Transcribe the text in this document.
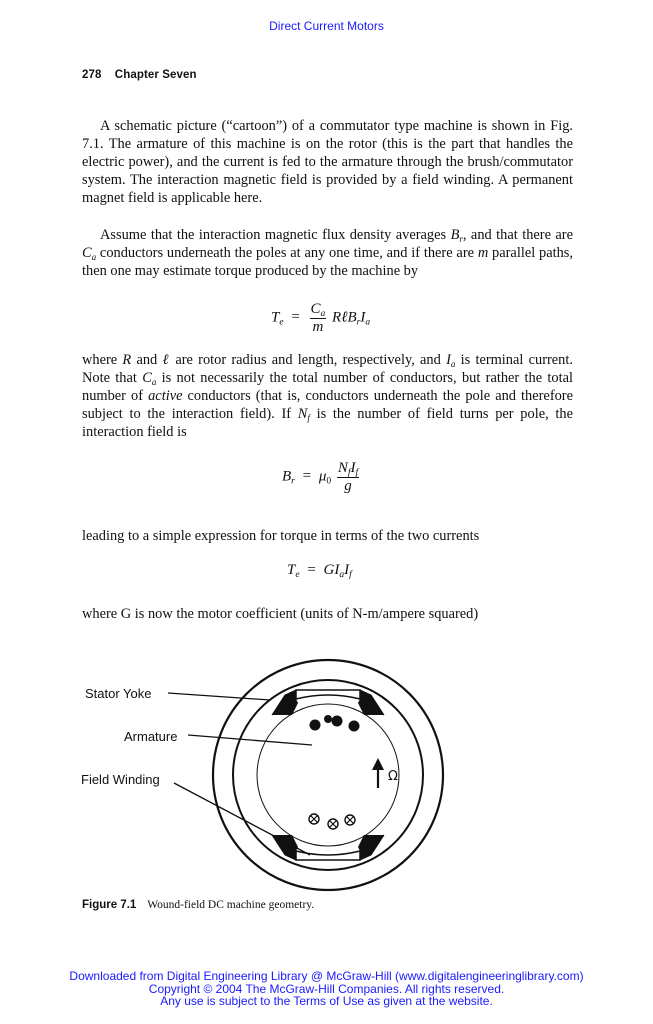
Direct Current Motors
278 Chapter Seven

A schematic picture (“cartoon”) of a commutator type machine is shown in Fig. 7.1. The armature of this machine is on the rotor (this is the part that handles the electric power), and the current is fed to the armature through the brush/commutator system. The interaction magnetic field is provided by a field winding. A permanent magnet field is applicable here.

Assume that the interaction magnetic flux density averages $B_r$, and that there are $C_a$ conductors underneath the poles at any one time, and if there are m parallel paths, then one may estimate torque produced by the machine by

$T_e = \frac{C_a}{m}$ $R\ell B_rI_a$

where R and ℓ are rotor radius and length, respectively, and $I_a$ is terminal current. Note that $C_a$ is not necessarily the total number of conductors, but rather the total number of active conductors (that is, conductors underneath the pole and therefore subject to the interaction field). If $N_f$ is the number of field turns per pole, the interaction field is

$B_r = \mu_0 \frac{N_fI_f}{g}$

leading to a simple expression for torque in terms of the two currents

$T_e = GI_aI_f$

where G is now the motor coefficient (units of N-m/ampere squared)

Ω
Stator Yoke
Armature
Field Winding
Figure 7.1 Wound-field DC machine geometry.
Downloaded from Digital Engineering Library @ McGraw-Hill (www.digitalengineeringlibrary.com)
Copyright © 2004 The McGraw-Hill Companies. All rights reserved.
Any use is subject to the Terms of Use as given at the website.
